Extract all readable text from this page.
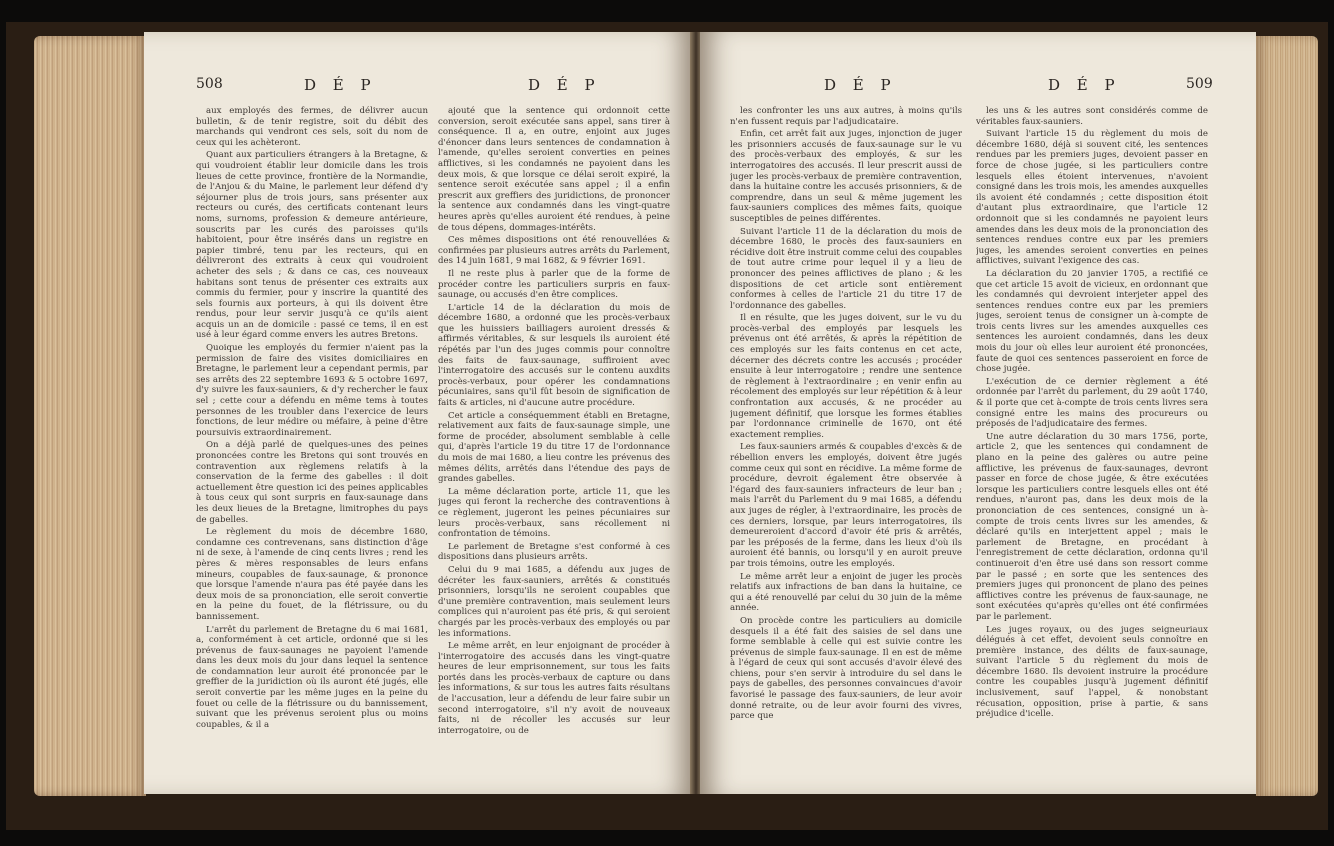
508	D É P	D É P

aux employés des fermes, de délivrer aucun bulletin, & de tenir registre, soit du débit des marchands qui vendront ces sels, soit du nom de ceux qui les achèteront.

Quant aux particuliers étrangers à la Bretagne, & qui voudroient établir leur domicile dans les trois lieues de cette province, frontière de la Normandie, de l'Anjou & du Maine, le parlement leur défend d'y séjourner plus de trois jours, sans présenter aux recteurs ou curés, des certificats contenant leurs noms, surnoms, profession & demeure antérieure, souscrits par les curés des paroisses qu'ils habitoient, pour être insérés dans un registre en papier timbré, tenu par les recteurs, qui en délivreront des extraits à ceux qui voudroient acheter des sels ; & dans ce cas, ces nouveaux habitans sont tenus de présenter ces extraits aux commis du fermier, pour y inscrire la quantité des sels fournis aux porteurs, à qui ils doivent être rendus, pour leur servir jusqu'à ce qu'ils aient acquis un an de domicile : passé ce tems, il en est usé à leur égard comme envers les autres Bretons.

Quoique les employés du fermier n'aient pas la permission de faire des visites domiciliaires en Bretagne, le parlement leur a cependant permis, par ses arrêts des 22 septembre 1693 & 5 octobre 1697, d'y suivre les faux-sauniers, & d'y rechercher le faux sel ; cette cour a défendu en même tems à toutes personnes de les troubler dans l'exercice de leurs fonctions, de leur médire ou méfaire, à peine d'être poursuivis extraordinairement.

On a déjà parlé de quelques-unes des peines prononcées contre les Bretons qui sont trouvés en contravention aux règlemens relatifs à la conservation de la ferme des gabelles : il doit actuellement être question ici des peines applicables à tous ceux qui sont surpris en faux-saunage dans les deux lieues de la Bretagne, limitrophes du pays de gabelles.

Le règlement du mois de décembre 1680, condamne ces contrevenans, sans distinction d'âge ni de sexe, à l'amende de cinq cents livres ; rend les pères & mères responsables de leurs enfans mineurs, coupables de faux-saunage, & prononce que lorsque l'amende n'aura pas été payée dans les deux mois de sa prononciation, elle seroit convertie en la peine du fouet, de la flétrissure, ou du bannissement.

L'arrêt du parlement de Bretagne du 6 mai 1681, a, conformément à cet article, ordonné que si les prévenus de faux-saunages ne payoient l'amende dans les deux mois du jour dans lequel la sentence de condamnation leur auroit été prononcée par le greffier de la juridiction où ils auront été jugés, elle seroit convertie par les même juges en la peine du fouet ou celle de la flétrissure ou du bannissement, suivant que les prévenus seroient plus ou moins coupables, & il a

ajouté que la sentence qui ordonnoit cette conversion, seroit exécutée sans appel, sans tirer à conséquence. Il a, en outre, enjoint aux juges d'énoncer dans leurs sentences de condamnation à l'amende, qu'elles seroient converties en peines afflictives, si les condamnés ne payoient dans les deux mois, & que lorsque ce délai seroit expiré, la sentence seroit exécutée sans appel ; il a enfin prescrit aux greffiers des juridictions, de prononcer la sentence aux condamnés dans les vingt-quatre heures après qu'elles auroient été rendues, à peine de tous dépens, dommages-intérêts.

Ces mêmes dispositions ont été renouvellées & confirmées par plusieurs autres arrêts du Parlement, des 14 juin 1681, 9 mai 1682, & 9 février 1691.

Il ne reste plus à parler que de la forme de procéder contre les particuliers surpris en faux-saunage, ou accusés d'en être complices.

L'article 14 de la déclaration du mois de décembre 1680, a ordonné que les procès-verbaux que les huissiers bailliagers auroient dressés & affirmés véritables, & sur lesquels ils auroient été répétés par l'un des juges commis pour connoître des faits de faux-saunage, suffiroient avec l'interrogatoire des accusés sur le contenu auxdits procès-verbaux, pour opérer les condamnations pécuniaires, sans qu'il fût besoin de signification de faits & articles, ni d'aucune autre procédure.

Cet article a conséquemment établi en Bretagne, relativement aux faits de faux-saunage simple, une forme de procéder, absolument semblable à celle qui, d'après l'article 19 du titre 17 de l'ordonnance du mois de mai 1680, a lieu contre les prévenus des mêmes délits, arrêtés dans l'étendue des pays de grandes gabelles.

La même déclaration porte, article 11, que les juges qui feront la recherche des contraventions à ce règlement, jugeront les peines pécuniaires sur leurs procès-verbaux, sans récollement ni confrontation de témoins.

Le parlement de Bretagne s'est conformé à ces dispositions dans plusieurs arrêts.

Celui du 9 mai 1685, a défendu aux juges de décréter les faux-sauniers, arrêtés & constitués prisonniers, lorsqu'ils ne seroient coupables que d'une première contravention, mais seulement leurs complices qui n'auroient pas été pris, & qui seroient chargés par les procès-verbaux des employés ou par les informations.

Le même arrêt, en leur enjoignant de procéder à l'interrogatoire des accusés dans les vingt-quatre heures de leur emprisonnement, sur tous les faits portés dans les procès-verbaux de capture ou dans les informations, & sur tous les autres faits résultans de l'accusation, leur a défendu de leur faire subir un second interrogatoire, s'il n'y avoit de nouveaux faits, ni de récoller les accusés sur leur interrogatoire, ou de

D É P	D É P	509

les confronter les uns aux autres, à moins qu'ils n'en fussent requis par l'adjudicataire.

Enfin, cet arrêt fait aux juges, injonction de juger les prisonniers accusés de faux-saunage sur le vu des procès-verbaux des employés, & sur les interrogatoires des accusés. Il leur prescrit aussi de juger les procès-verbaux de première contravention, dans la huitaine contre les accusés prisonniers, & de comprendre, dans un seul & même jugement les faux-sauniers complices des mêmes faits, quoique susceptibles de peines différentes.

Suivant l'article 11 de la déclaration du mois de décembre 1680, le procès des faux-sauniers en récidive doit être instruit comme celui des coupables de tout autre crime pour lequel il y a lieu de prononcer des peines afflictives de plano ; & les dispositions de cet article sont entièrement conformes à celles de l'article 21 du titre 17 de l'ordonnance des gabelles.

Il en résulte, que les juges doivent, sur le vu du procès-verbal des employés par lesquels les prévenus ont été arrêtés, & après la répétition de ces employés sur les faits contenus en cet acte, décerner des décrets contre les accusés ; procéder ensuite à leur interrogatoire ; rendre une sentence de règlement à l'extraordinaire ; en venir enfin au récolement des employés sur leur répétition & à leur confrontation aux accusés, & ne procéder au jugement définitif, que lorsque les formes établies par l'ordonnance criminelle de 1670, ont été exactement remplies.

Les faux-sauniers armés & coupables d'excès & de rébellion envers les employés, doivent être jugés comme ceux qui sont en récidive. La même forme de procédure, devroit également être observée à l'égard des faux-sauniers infracteurs de leur ban ; mais l'arrêt du Parlement du 9 mai 1685, a défendu aux juges de régler, à l'extraordinaire, les procès de ces derniers, lorsque, par leurs interrogatoires, ils demeureroient d'accord d'avoir été pris & arrêtés, par les préposés de la ferme, dans les lieux d'où ils auroient été bannis, ou lorsqu'il y en auroit preuve par trois témoins, outre les employés.

Le même arrêt leur a enjoint de juger les procès relatifs aux infractions de ban dans la huitaine, ce qui a été renouvellé par celui du 30 juin de la même année.

On procède contre les particuliers au domicile desquels il a été fait des saisies de sel dans une forme semblable à celle qui est suivie contre les prévenus de simple faux-saunage. Il en est de même à l'égard de ceux qui sont accusés d'avoir élevé des chiens, pour s'en servir à introduire du sel dans le pays de gabelles, des personnes convaincues d'avoir favorisé le passage des faux-sauniers, de leur avoir donné retraite, ou de leur avoir fourni des vivres, parce que

les uns & les autres sont considérés comme de véritables faux-sauniers.

Suivant l'article 15 du règlement du mois de décembre 1680, déjà si souvent cité, les sentences rendues par les premiers juges, devoient passer en force de chose jugée, si les particuliers contre lesquels elles étoient intervenues, n'avoient consigné dans les trois mois, les amendes auxquelles ils avoient été condamnés ; cette disposition étoit d'autant plus extraordinaire, que l'article 12 ordonnoit que si les condamnés ne payoient leurs amendes dans les deux mois de la prononciation des sentences rendues contre eux par les premiers juges, les amendes seroient converties en peines afflictives, suivant l'exigence des cas.

La déclaration du 20 janvier 1705, a rectifié ce que cet article 15 avoit de vicieux, en ordonnant que les condamnés qui devroient interjeter appel des sentences rendues contre eux par les premiers juges, seroient tenus de consigner un à-compte de trois cents livres sur les amendes auxquelles ces sentences les auroient condamnés, dans les deux mois du jour où elles leur auroient été prononcées, faute de quoi ces sentences passeroient en force de chose jugée.

L'exécution de ce dernier règlement a été ordonnée par l'arrêt du parlement, du 29 août 1740, & il porte que cet à-compte de trois cents livres sera consigné entre les mains des procureurs ou préposés de l'adjudicataire des fermes.

Une autre déclaration du 30 mars 1756, porte, article 2, que les sentences qui condamnent de plano en la peine des galères ou autre peine afflictive, les prévenus de faux-saunages, devront passer en force de chose jugée, & être exécutées lorsque les particuliers contre lesquels elles ont été rendues, n'auront pas, dans les deux mois de la prononciation de ces sentences, consigné un à-compte de trois cents livres sur les amendes, & déclaré qu'ils en interjettent appel ; mais le parlement de Bretagne, en procédant à l'enregistrement de cette déclaration, ordonna qu'il continueroit d'en être usé dans son ressort comme par le passé ; en sorte que les sentences des premiers juges qui prononcent de plano des peines afflictives contre les prévenus de faux-saunage, ne sont exécutées qu'après qu'elles ont été confirmées par le parlement.

Les juges royaux, ou des juges seigneuriaux délégués à cet effet, devoient seuls connoître en première instance, des délits de faux-saunage, suivant l'article 5 du règlement du mois de décembre 1680. Ils devoient instruire la procédure contre les coupables jusqu'à jugement définitif inclusivement, sauf l'appel, & nonobstant récusation, opposition, prise à partie, & sans préjudice d'icelle.
